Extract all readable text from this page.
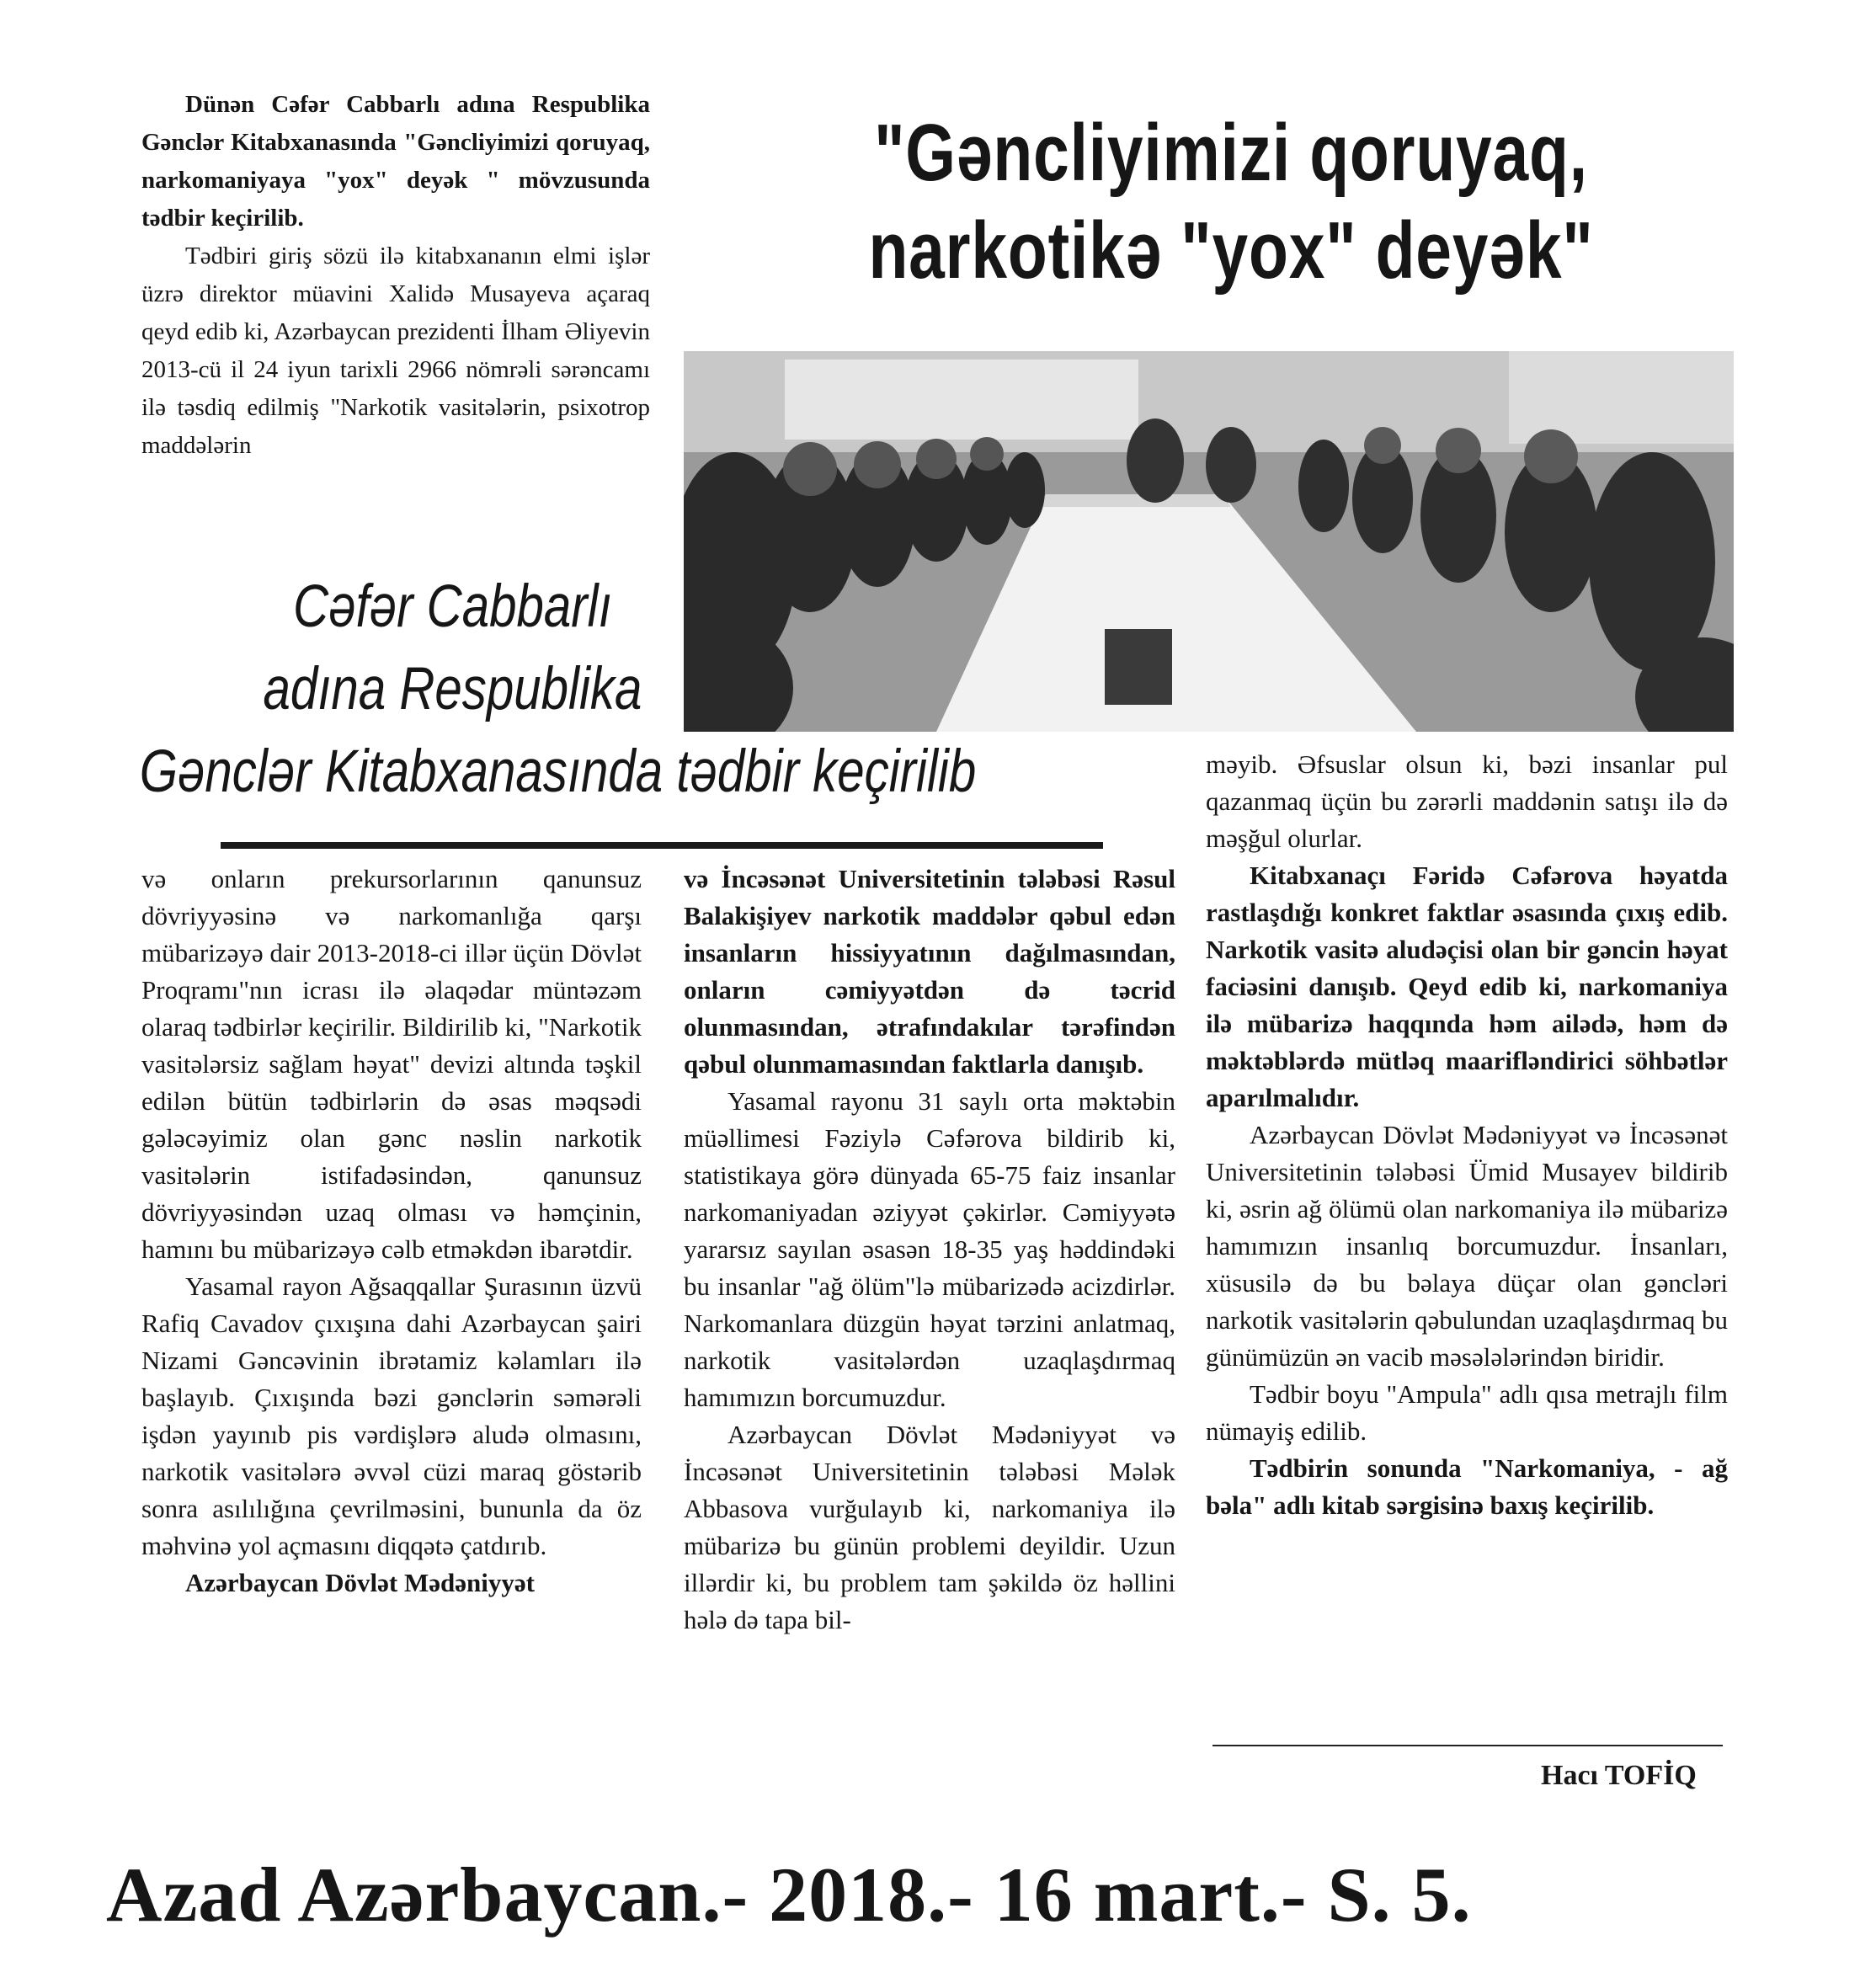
Dünən Cəfər Cabbarlı adına Respublika Gənclər Kitabxanasında "Gəncliyimizi qoruyaq, narkomaniyaya "yox" deyək " mövzusunda tədbir keçirilib.

Tədbiri giriş sözü ilə kitabxananın elmi işlər üzrə direktor müavini Xalidə Musayeva açaraq qeyd edib ki, Azərbaycan prezidenti İlham Əliyevin 2013-cü il 24 iyun tarixli 2966 nömrəli sərəncamı ilə təsdiq edilmiş "Narkotik vasitələrin, psixotrop maddələrin

"Gəncliyimizi qoruyaq,
narkotikə "yox" deyək"
Cəfər Cabbarlı
adına Respublika
Gənclər Kitabxanasında tədbir keçirilib

və onların prekursorlarının qanunsuz dövriyyəsinə və narkomanlığa qarşı mübarizəyə dair 2013-2018-ci illər üçün Dövlət Proqramı"nın icrası ilə əlaqədar müntəzəm olaraq tədbirlər keçirilir. Bildirilib ki, "Narkotik vasitələrsiz sağlam həyat" devizi altında təşkil edilən bütün tədbirlərin də əsas məqsədi gələcəyimiz olan gənc nəslin narkotik vasitələrin istifadəsindən, qanunsuz dövriyyəsindən uzaq olması və həmçinin, hamını bu mübarizəyə cəlb etməkdən ibarətdir.

Yasamal rayon Ağsaqqallar Şurasının üzvü Rafiq Cavadov çıxışına dahi Azərbaycan şairi Nizami Gəncəvinin ibrətamiz kəlamları ilə başlayıb. Çıxışında bəzi gənclərin səmərəli işdən yayınıb pis vərdişlərə aludə olmasını, narkotik vasitələrə əvvəl cüzi maraq göstərib sonra asılılığına çevrilməsini, bununla da öz məhvinə yol açmasını diqqətə çatdırıb.

Azərbaycan Dövlət Mədəniyyət

və İncəsənət Universitetinin tələbəsi Rəsul Balakişiyev narkotik maddələr qəbul edən insanların hissiyyatının dağılmasından, onların cəmiyyətdən də təcrid olunmasından, ətrafındakılar tərəfindən qəbul olunmamasından faktlarla danışıb.

Yasamal rayonu 31 saylı orta məktəbin müəllimesi Fəziylə Cəfərova bildirib ki, statistikaya görə dünyada 65-75 faiz insanlar narkomaniyadan əziyyət çəkirlər. Cəmiyyətə yararsız sayılan əsasən 18-35 yaş həddindəki bu insanlar "ağ ölüm"lə mübarizədə acizdirlər. Narkomanlara düzgün həyat tərzini anlatmaq, narkotik vasitələrdən uzaqlaşdırmaq hamımızın borcumuzdur.

Azərbaycan Dövlət Mədəniyyət və İncəsənət Universitetinin tələbəsi Mələk Abbasova vurğulayıb ki, narkomaniya ilə mübarizə bu günün problemi deyildir. Uzun illərdir ki, bu problem tam şəkildə öz həllini hələ də tapa bil-

məyib. Əfsuslar olsun ki, bəzi insanlar pul qazanmaq üçün bu zərərli maddənin satışı ilə də məşğul olurlar.

Kitabxanaçı Fəridə Cəfərova həyatda rastlaşdığı konkret faktlar əsasında çıxış edib. Narkotik vasitə aludəçisi olan bir gəncin həyat faciəsini danışıb. Qeyd edib ki, narkomaniya ilə mübarizə haqqında həm ailədə, həm də məktəblərdə mütləq maarifləndirici söhbətlər aparılmalıdır.

Azərbaycan Dövlət Mədəniyyət və İncəsənət Universitetinin tələbəsi Ümid Musayev bildirib ki, əsrin ağ ölümü olan narkomaniya ilə mübarizə hamımızın insanlıq borcumuzdur. İnsanları, xüsusilə də bu bəlaya düçar olan gəncləri narkotik vasitələrin qəbulundan uzaqlaşdırmaq bu günümüzün ən vacib məsələlərindən biridir.

Tədbir boyu "Ampula" adlı qısa metrajlı film nümayiş edilib.

Tədbirin sonunda "Narkomaniya, - ağ bəla" adlı kitab sərgisinə baxış keçirilib.

Hacı TOFİQ
Azad Azərbaycan.- 2018.- 16 mart.- S. 5.
